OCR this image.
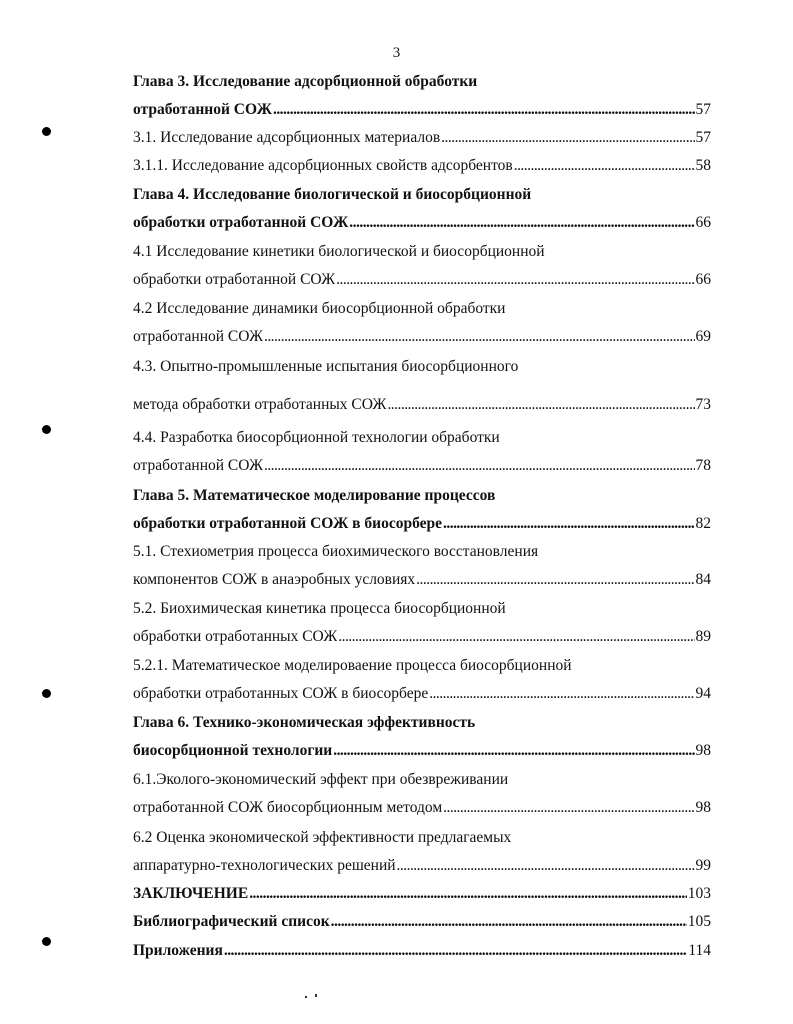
3
Глава 3. Исследование адсорбционной обработки
отработанной СОЖ . . .	57
3.1. Исследование адсорбционных материалов . . .	57
3.1.1. Исследование адсорбционных свойств адсорбентов . . .	58
Глава 4. Исследование биологической и биосорбционной
обработки отработанной СОЖ . . .	66
4.1 Исследование кинетики биологической и биосорбционной
обработки отработанной СОЖ . . .	66
4.2 Исследование динамики биосорбционной обработки
отработанной СОЖ . . .	69
4.3. Опытно-промышленные испытания биосорбционного
метода обработки отработанных СОЖ . . .	73
4.4. Разработка биосорбционной технологии обработки
отработанной СОЖ . . .	78
Глава 5. Математическое моделирование процессов
обработки отработанной СОЖ в биосорбере . . .	82
5.1. Стехиометрия процесса биохимического восстановления
компонентов СОЖ в анаэробных условиях . . .	84
5.2. Биохимическая кинетика процесса биосорбционной
обработки отработанных СОЖ . . .	89
5.2.1. Математическое моделироваение процесса биосорбционной
обработки отработанных СОЖ в биосорбере . . .	94
Глава 6. Технико-экономическая эффективность
биосорбционной технологии . . .	98
6.1.Эколого-экономический эффект при обезвреживании
отработанной СОЖ биосорбционным методом . . .	98
6.2 Оценка экономической эффективности предлагаемых
аппаратурно-технологических решений . . .	99
ЗАКЛЮЧЕНИЕ . . .	103
Библиографический список . . .	105
Приложения . . .	114
